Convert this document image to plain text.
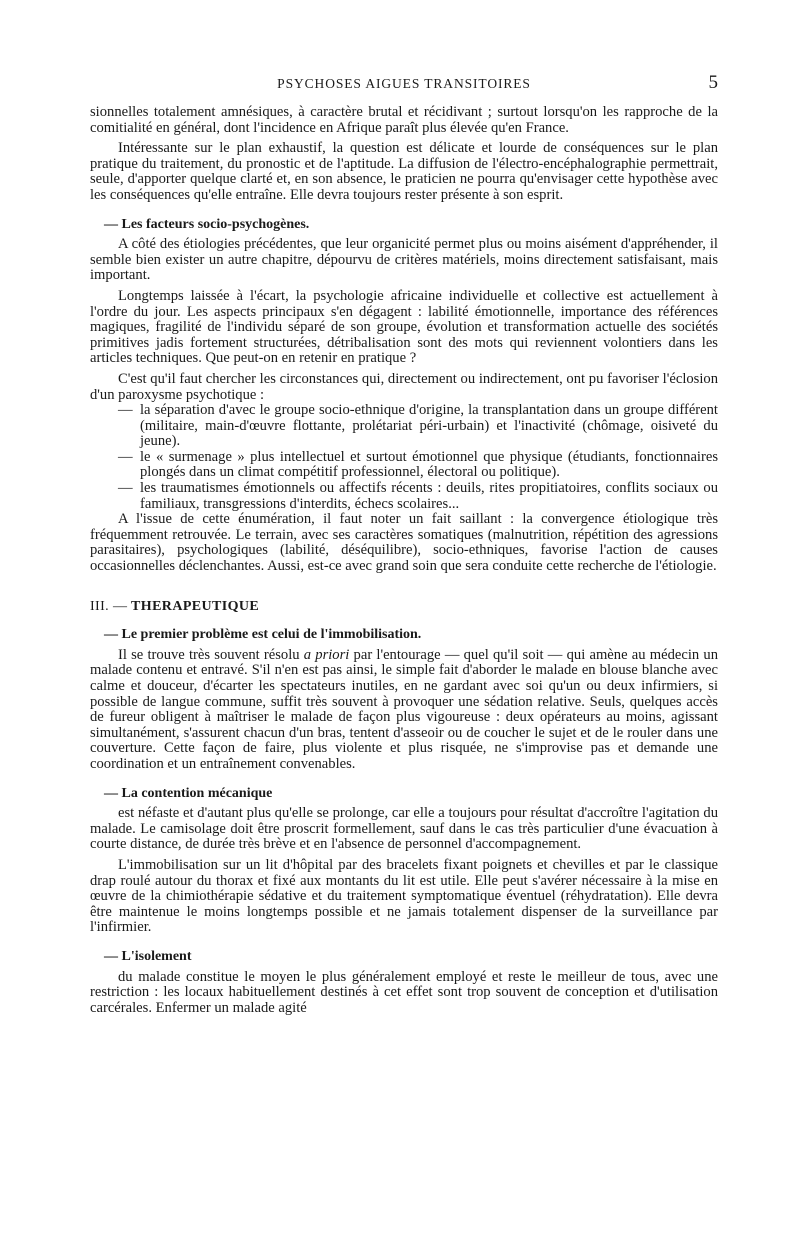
PSYCHOSES AIGUES TRANSITOIRES	5

sionnelles totalement amnésiques, à caractère brutal et récidivant ; surtout lorsqu'on les rapproche de la comitialité en général, dont l'incidence en Afrique paraît plus élevée qu'en France.

Intéressante sur le plan exhaustif, la question est délicate et lourde de conséquences sur le plan pratique du traitement, du pronostic et de l'aptitude. La diffusion de l'électro-encéphalographie permettrait, seule, d'apporter quelque clarté et, en son absence, le praticien ne pourra qu'envisager cette hypothèse avec les conséquences qu'elle entraîne. Elle devra toujours rester présente à son esprit.

— Les facteurs socio-psychogènes.

A côté des étiologies précédentes, que leur organicité permet plus ou moins aisément d'appréhender, il semble bien exister un autre chapitre, dépourvu de critères matériels, moins directement satisfaisant, mais important.

Longtemps laissée à l'écart, la psychologie africaine individuelle et collective est actuellement à l'ordre du jour. Les aspects principaux s'en dégagent : labilité émotionnelle, importance des références magiques, fragilité de l'individu séparé de son groupe, évolution et transformation actuelle des sociétés primitives jadis fortement structurées, détribalisation sont des mots qui reviennent volontiers dans les articles techniques. Que peut-on en retenir en pratique ?

C'est qu'il faut chercher les circonstances qui, directement ou indirectement, ont pu favoriser l'éclosion d'un paroxysme psychotique :

— la séparation d'avec le groupe socio-ethnique d'origine, la transplantation dans un groupe différent (militaire, main-d'œuvre flottante, prolétariat péri-urbain) et l'inactivité (chômage, oisiveté du jeune).
— le « surmenage » plus intellectuel et surtout émotionnel que physique (étudiants, fonctionnaires plongés dans un climat compétitif professionnel, électoral ou politique).
— les traumatismes émotionnels ou affectifs récents : deuils, rites propitiatoires, conflits sociaux ou familiaux, transgressions d'interdits, échecs scolaires...

A l'issue de cette énumération, il faut noter un fait saillant : la convergence étiologique très fréquemment retrouvée. Le terrain, avec ses caractères somatiques (malnutrition, répétition des agressions parasitaires), psychologiques (labilité, déséquilibre), socio-ethniques, favorise l'action de causes occasionnelles déclenchantes. Aussi, est-ce avec grand soin que sera conduite cette recherche de l'étiologie.

III. — THERAPEUTIQUE

— Le premier problème est celui de l'immobilisation.

Il se trouve très souvent résolu a priori par l'entourage — quel qu'il soit — qui amène au médecin un malade contenu et entravé. S'il n'en est pas ainsi, le simple fait d'aborder le malade en blouse blanche avec calme et douceur, d'écarter les spectateurs inutiles, en ne gardant avec soi qu'un ou deux infirmiers, si possible de langue commune, suffit très souvent à provoquer une sédation relative. Seuls, quelques accès de fureur obligent à maîtriser le malade de façon plus vigoureuse : deux opérateurs au moins, agissant simultanément, s'assurent chacun d'un bras, tentent d'asseoir ou de coucher le sujet et de le rouler dans une couverture. Cette façon de faire, plus violente et plus risquée, ne s'improvise pas et demande une coordination et un entraînement convenables.

— La contention mécanique

est néfaste et d'autant plus qu'elle se prolonge, car elle a toujours pour résultat d'accroître l'agitation du malade. Le camisolage doit être proscrit formellement, sauf dans le cas très particulier d'une évacuation à courte distance, de durée très brève et en l'absence de personnel d'accompagnement.

L'immobilisation sur un lit d'hôpital par des bracelets fixant poignets et chevilles et par le classique drap roulé autour du thorax et fixé aux montants du lit est utile. Elle peut s'avérer nécessaire à la mise en œuvre de la chimiothérapie sédative et du traitement symptomatique éventuel (réhydratation). Elle devra être maintenue le moins longtemps possible et ne jamais totalement dispenser de la surveillance par l'infirmier.

— L'isolement

du malade constitue le moyen le plus généralement employé et reste le meilleur de tous, avec une restriction : les locaux habituellement destinés à cet effet sont trop souvent de conception et d'utilisation carcérales. Enfermer un malade agité
